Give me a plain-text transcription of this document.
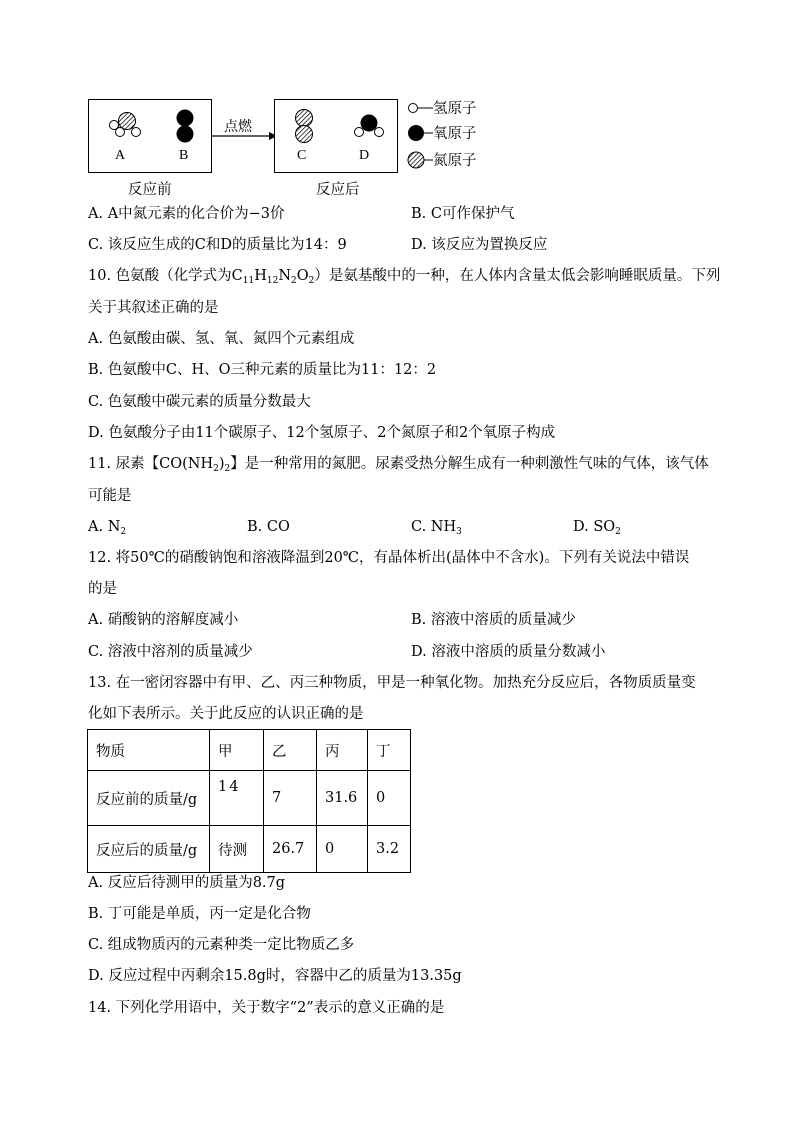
A	B
点燃
C	D
反应前	反应后
氢原子
氧原子
氮原子
A. A中氮元素的化合价为−3价	B. C可作保护气
C. 该反应生成的C和D的质量比为14：9	D. 该反应为置换反应
10. 色氨酸（化学式为$C_{11}H_{12}N_2O_2$）是氨基酸中的一种，在人体内含量太低会影响睡眠质量。下列
关于其叙述正确的是
A. 色氨酸由碳、氢、氧、氮四个元素组成
B. 色氨酸中C、H、O三种元素的质量比为11：12：2
C. 色氨酸中碳元素的质量分数最大
D. 色氨酸分子由11个碳原子、12个氢原子、2个氮原子和2个氧原子构成
11. 尿素【$CO(NH_2)_2$】是一种常用的氮肥。尿素受热分解生成有一种刺激性气味的气体，该气体
可能是
A. $N_2$	B. CO	C. $NH_3$	D. $SO_2$
12. 将50℃的硝酸钠饱和溶液降温到20℃，有晶体析出(晶体中不含水)。下列有关说法中错误
的是
A. 硝酸钠的溶解度减小	B. 溶液中溶质的质量减少
C. 溶液中溶剂的质量减少	D. 溶液中溶质的质量分数减小
13. 在一密闭容器中有甲、乙、丙三种物质，甲是一种氧化物。加热充分反应后，各物质质量变
化如下表所示。关于此反应的认识正确的是
物质	甲	乙	丙	丁
反应前的质量/g	14	7	31.6	0
反应后的质量/g	待测	26.7	0	3.2
A. 反应后待测甲的质量为8.7g
B. 丁可能是单质，丙一定是化合物
C. 组成物质丙的元素种类一定比物质乙多
D. 反应过程中丙剩余15.8g时，容器中乙的质量为13.35g
14. 下列化学用语中，关于数字“2”表示的意义正确的是
